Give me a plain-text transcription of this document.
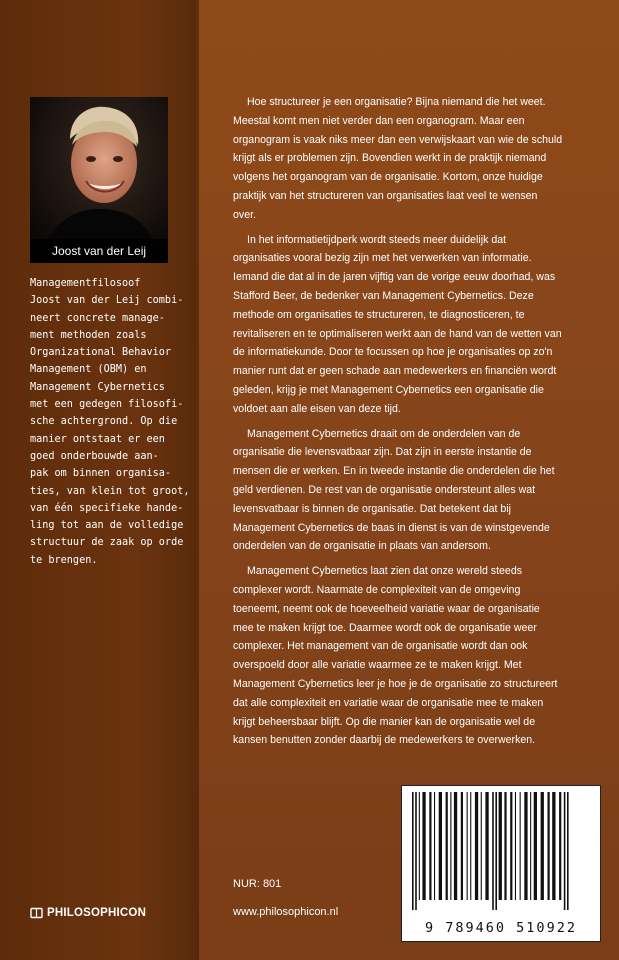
Joost van der Leij
Managementfilosoof
Joost van der Leij combi-
neert concrete manage-
ment methoden zoals
Organizational Behavior
Management (OBM) en
Management Cybernetics
met een gedegen filosofi-
sche achtergrond. Op die
manier ontstaat er een
goed onderbouwde aan-
pak om binnen organisa-
ties, van klein tot groot,
van één specifieke hande-
ling tot aan de volledige
structuur de zaak op orde
te brengen.
PHILOSOPHICON

Hoe structureer je een organisatie? Bijna niemand die het weet. Meestal komt men niet verder dan een organogram. Maar een organogram is vaak niks meer dan een verwijskaart van wie de schuld krijgt als er problemen zijn. Bovendien werkt in de praktijk niemand volgens het organogram van de organisatie. Kortom, onze huidige praktijk van het structureren van organisaties laat veel te wensen over.

In het informatietijdperk wordt steeds meer duidelijk dat organisaties vooral bezig zijn met het verwerken van informatie. Iemand die dat al in de jaren vijftig van de vorige eeuw doorhad, was Stafford Beer, de bedenker van Management Cybernetics. Deze methode om organisaties te structureren, te diagnosticeren, te revitaliseren en te optimaliseren werkt aan de hand van de wetten van de informatiekunde. Door te focussen op hoe je organisaties op zo'n manier runt dat er geen schade aan medewerkers en financiën wordt geleden, krijg je met Management Cybernetics een organisatie die voldoet aan alle eisen van deze tijd.

Management Cybernetics draait om de onderdelen van de organisatie die levensvatbaar zijn. Dat zijn in eerste instantie de mensen die er werken. En in tweede instantie die onderdelen die het geld verdienen. De rest van de organisatie ondersteunt alles wat levensvatbaar is binnen de organisatie. Dat betekent dat bij Management Cybernetics de baas in dienst is van de winstgevende onderdelen van de organisatie in plaats van andersom.

Management Cybernetics laat zien dat onze wereld steeds complexer wordt. Naarmate de complexiteit van de omgeving toeneemt, neemt ook de hoeveelheid variatie waar de organisatie mee te maken krijgt toe. Daarmee wordt ook de organisatie weer complexer. Het management van de organisatie wordt dan ook overspoeld door alle variatie waarmee ze te maken krijgt. Met Management Cybernetics leer je hoe je de organisatie zo structureert dat alle complexiteit en variatie waar de organisatie mee te maken krijgt beheersbaar blijft. Op die manier kan de organisatie wel de kansen benutten zonder daarbij de medewerkers te overwerken.

NUR: 801
www.philosophicon.nl
9 789460 510922
